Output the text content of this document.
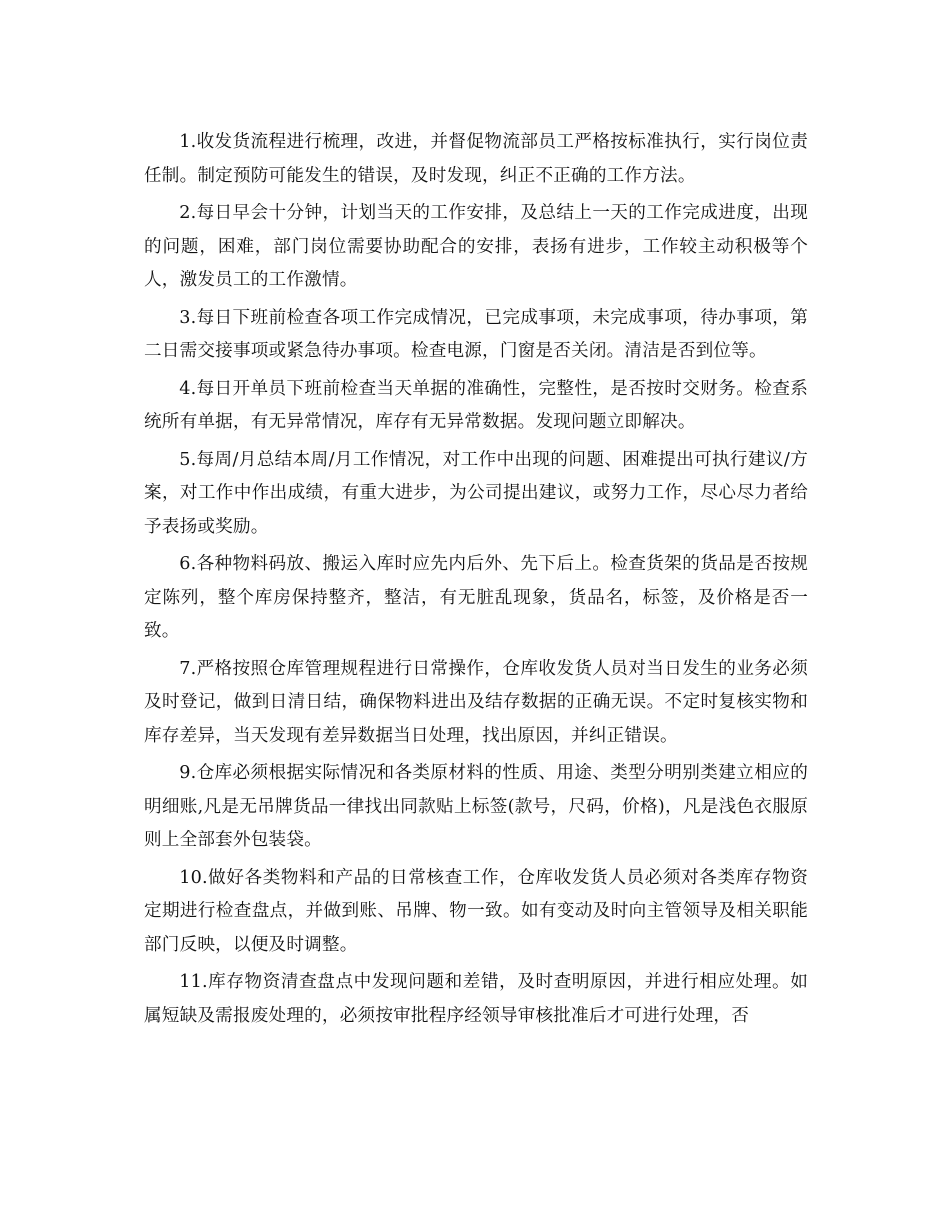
1.收发货流程进行梳理，改进，并督促物流部员工严格按标准执行，实行岗位责任制。制定预防可能发生的错误，及时发现，纠正不正确的工作方法。

2.每日早会十分钟，计划当天的工作安排，及总结上一天的工作完成进度，出现的问题，困难，部门岗位需要协助配合的安排，表扬有进步，工作较主动积极等个人，激发员工的工作激情。

3.每日下班前检查各项工作完成情况，已完成事项，未完成事项，待办事项，第二日需交接事项或紧急待办事项。检查电源，门窗是否关闭。清洁是否到位等。

4.每日开单员下班前检查当天单据的准确性，完整性，是否按时交财务。检查系统所有单据，有无异常情况，库存有无异常数据。发现问题立即解决。

5.每周/月总结本周/月工作情况，对工作中出现的问题、困难提出可执行建议/方案，对工作中作出成绩，有重大进步，为公司提出建议，或努力工作，尽心尽力者给予表扬或奖励。

6.各种物料码放、搬运入库时应先内后外、先下后上。检查货架的货品是否按规定陈列，整个库房保持整齐，整洁，有无脏乱现象，货品名，标签，及价格是否一致。

7.严格按照仓库管理规程进行日常操作，仓库收发货人员对当日发生的业务必须及时登记，做到日清日结，确保物料进出及结存数据的正确无误。不定时复核实物和库存差异，当天发现有差异数据当日处理，找出原因，并纠正错误。

9.仓库必须根据实际情况和各类原材料的性质、用途、类型分明别类建立相应的明细账,凡是无吊牌货品一律找出同款贴上标签(款号，尺码，价格)，凡是浅色衣服原则上全部套外包装袋。

10.做好各类物料和产品的日常核查工作，仓库收发货人员必须对各类库存物资定期进行检查盘点，并做到账、吊牌、物一致。如有变动及时向主管领导及相关职能部门反映，以便及时调整。

11.库存物资清查盘点中发现问题和差错，及时查明原因，并进行相应处理。如属短缺及需报废处理的，必须按审批程序经领导审核批准后才可进行处理，否
